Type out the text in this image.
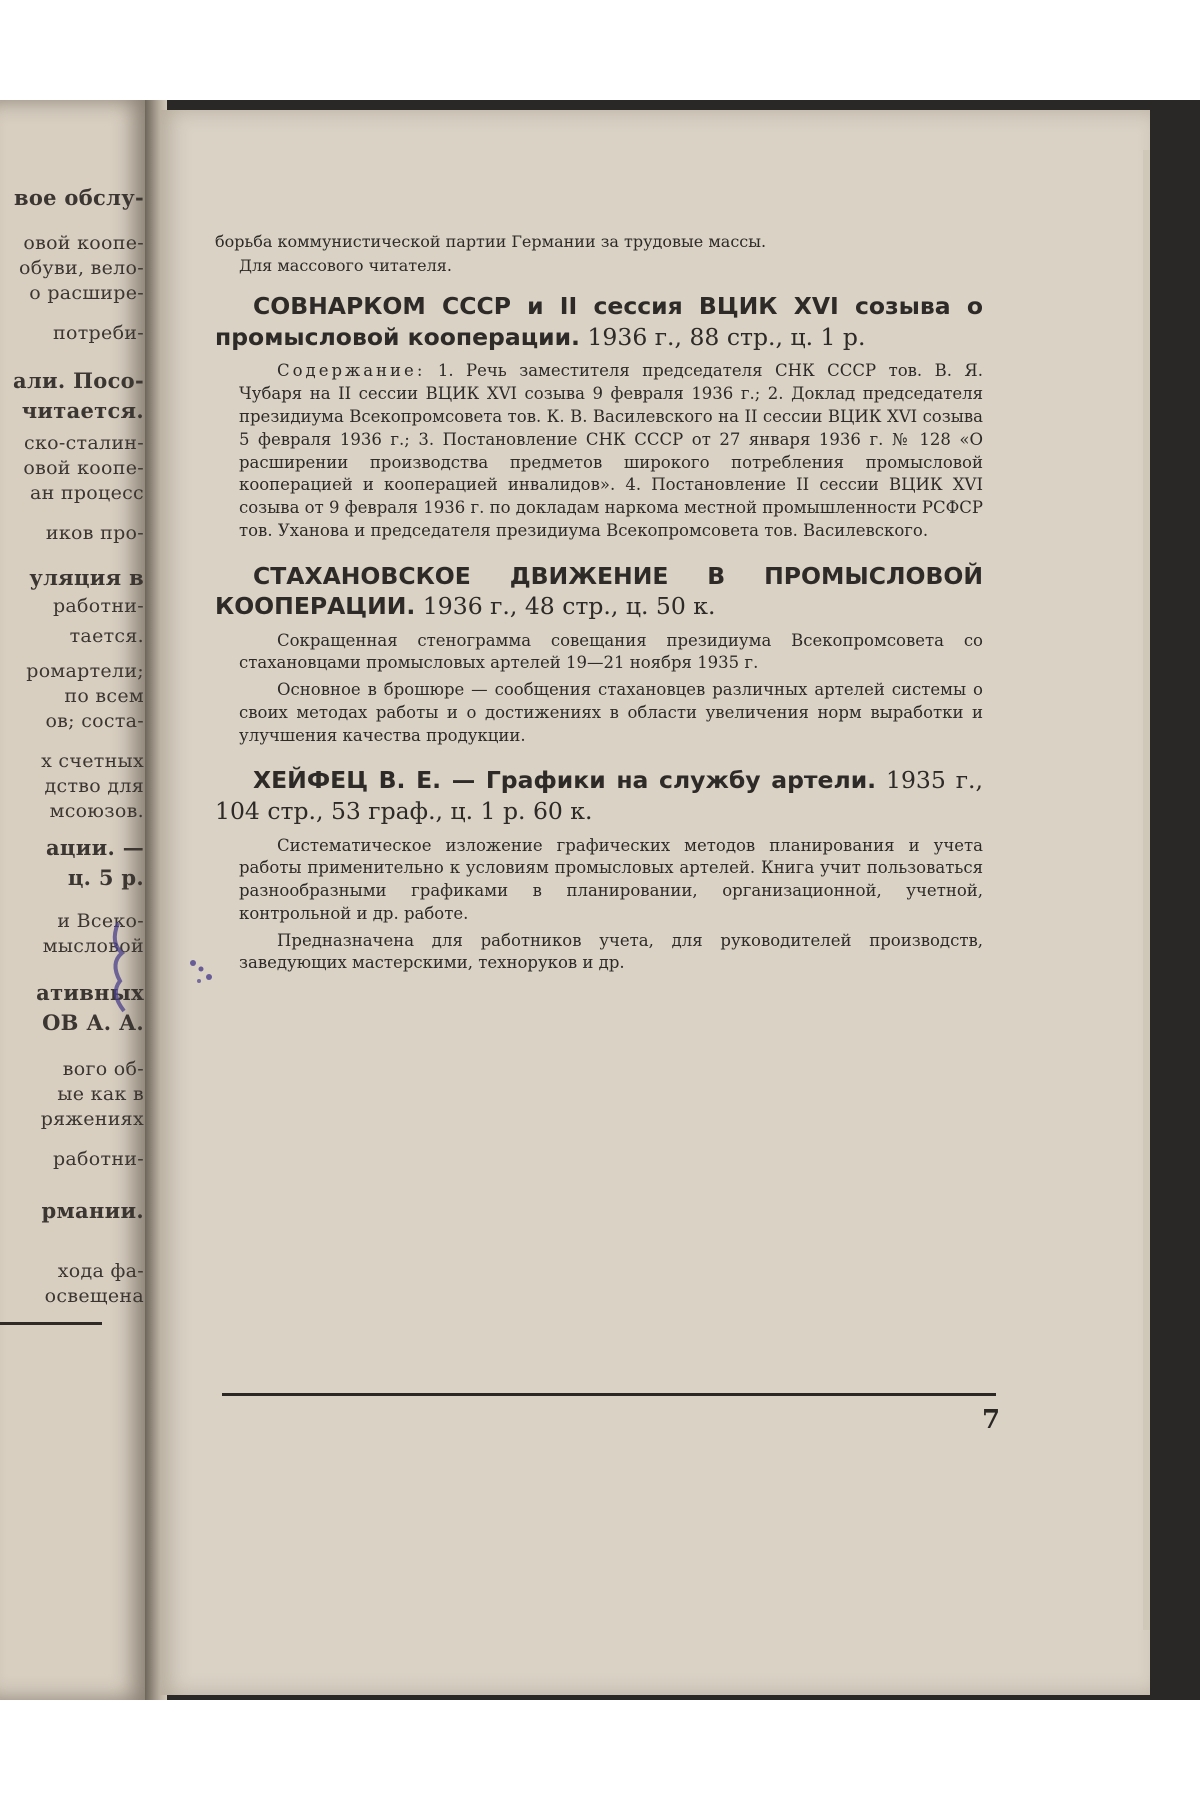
вое обслу-
овой коопе-
обуви, вело-
о расшире-
потреби-
али. Посо-
читается.
ско-сталин-
овой коопе-
ан процесс
иков про-
уляция в
работни-
тается.
ромартели;
по всем
ов; соста-
х счетных
дство для
мсоюзов.
ации. —
ц. 5 р.
и Всеко-
мысловой
ативных
ОВ А. А.
вого об-
ые как в
ряжениях
работни-
рмании.
хода фа-
освещена
борьба коммунистической партии Германии за трудовые массы.
Для массового читателя.
СОВНАРКОМ СССР и II сессия ВЦИК XVI созыва о промысловой кооперации. 1936 г., 88 стр., ц. 1 р.
Содержание: 1. Речь заместителя председателя СНК СССР тов. В. Я. Чубаря на II сессии ВЦИК XVI созыва 9 февраля 1936 г.; 2. Доклад председателя президиума Всекопромсовета тов. К. В. Василевского на II сессии ВЦИК XVI созыва 5 февраля 1936 г.; 3. Постановление СНК СССР от 27 января 1936 г. № 128 «О расширении производства предметов широкого потребления промысловой кооперацией и кооперацией инвалидов». 4. Постановление II сессии ВЦИК XVI созыва от 9 февраля 1936 г. по докладам наркома местной промышленности РСФСР тов. Уханова и председателя президиума Всекопромсовета тов. Василевского.
СТАХАНОВСКОЕ ДВИЖЕНИЕ В ПРОМЫСЛОВОЙ КООПЕРАЦИИ. 1936 г., 48 стр., ц. 50 к.
Сокращенная стенограмма совещания президиума Всекопромсовета со стахановцами промысловых артелей 19—21 ноября 1935 г.
Основное в брошюре — сообщения стахановцев различных артелей системы о своих методах работы и о достижениях в области увеличения норм выработки и улучшения качества продукции.
ХЕЙФЕЦ В. Е. — Графики на службу артели. 1935 г., 104 стр., 53 граф., ц. 1 р. 60 к.
Систематическое изложение графических методов планирования и учета работы применительно к условиям промысловых артелей. Книга учит пользоваться разнообразными графиками в планировании, организационной, учетной, контрольной и др. работе.
Предназначена для работников учета, для руководителей производств, заведующих мастерскими, техноруков и др.
7
